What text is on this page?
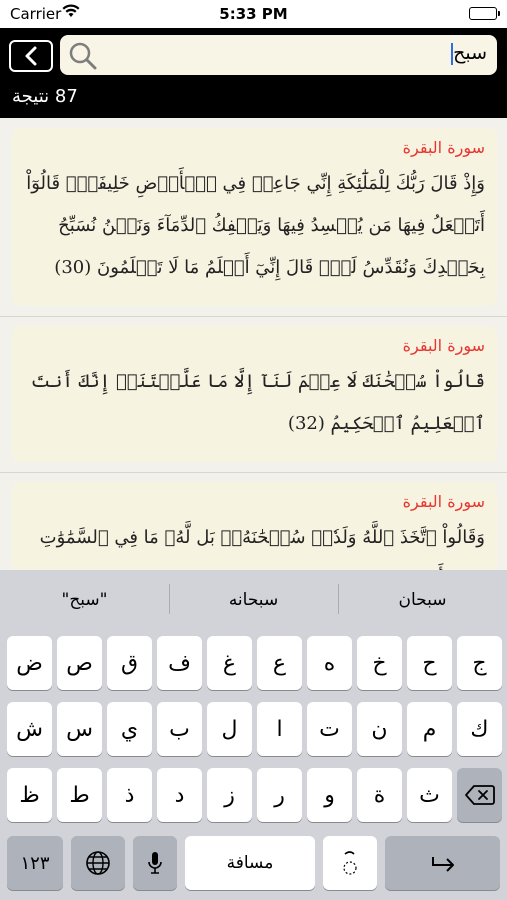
Carrier	5:33 PM
سبح
87 نتيجة
سورة البقرة
وَإِذْ قَالَ رَبُّكَ لِلْمَلَٰٓئِكَةِ إِنِّي جَاعِلٞ فِي ٱلۡأَرۡضِ خَلِيفَةٗۖ قَالُوٓاْ أَتَجۡعَلُ فِيهَا مَن يُفۡسِدُ فِيهَا وَيَسۡفِكُ ٱلدِّمَآءَ وَنَحۡنُ نُسَبِّحُ بِحَمۡدِكَ وَنُقَدِّسُ لَكَۖ قَالَ إِنِّيٓ أَعۡلَمُ مَا لَا تَعۡلَمُونَ (30)
سورة البقرة
قَالُواْ سُبۡحَٰنَكَ لَا عِلۡمَ لَنَآ إِلَّا مَا عَلَّمۡتَنَآۖ إِنَّكَ أَنتَ ٱلۡعَلِيمُ ٱلۡحَكِيمُ (32)
سورة البقرة
وَقَالُواْ ٱتَّخَذَ ٱللَّهُ وَلَدٗاۗ سُبۡحَٰنَهُۥۖ بَل لَّهُۥ مَا فِي ٱلسَّمَٰوَٰتِ
"سبح"	سبحانه	سبحان
ض	ص	ق	ف	غ	ع	ه	خ	ح	ج
ش	س	ي	ب	ل	ا	ت	ن	م	ك
ظ	ط	ذ	د	ز	ر	و	ة	ث
١٢٣	مسافة
